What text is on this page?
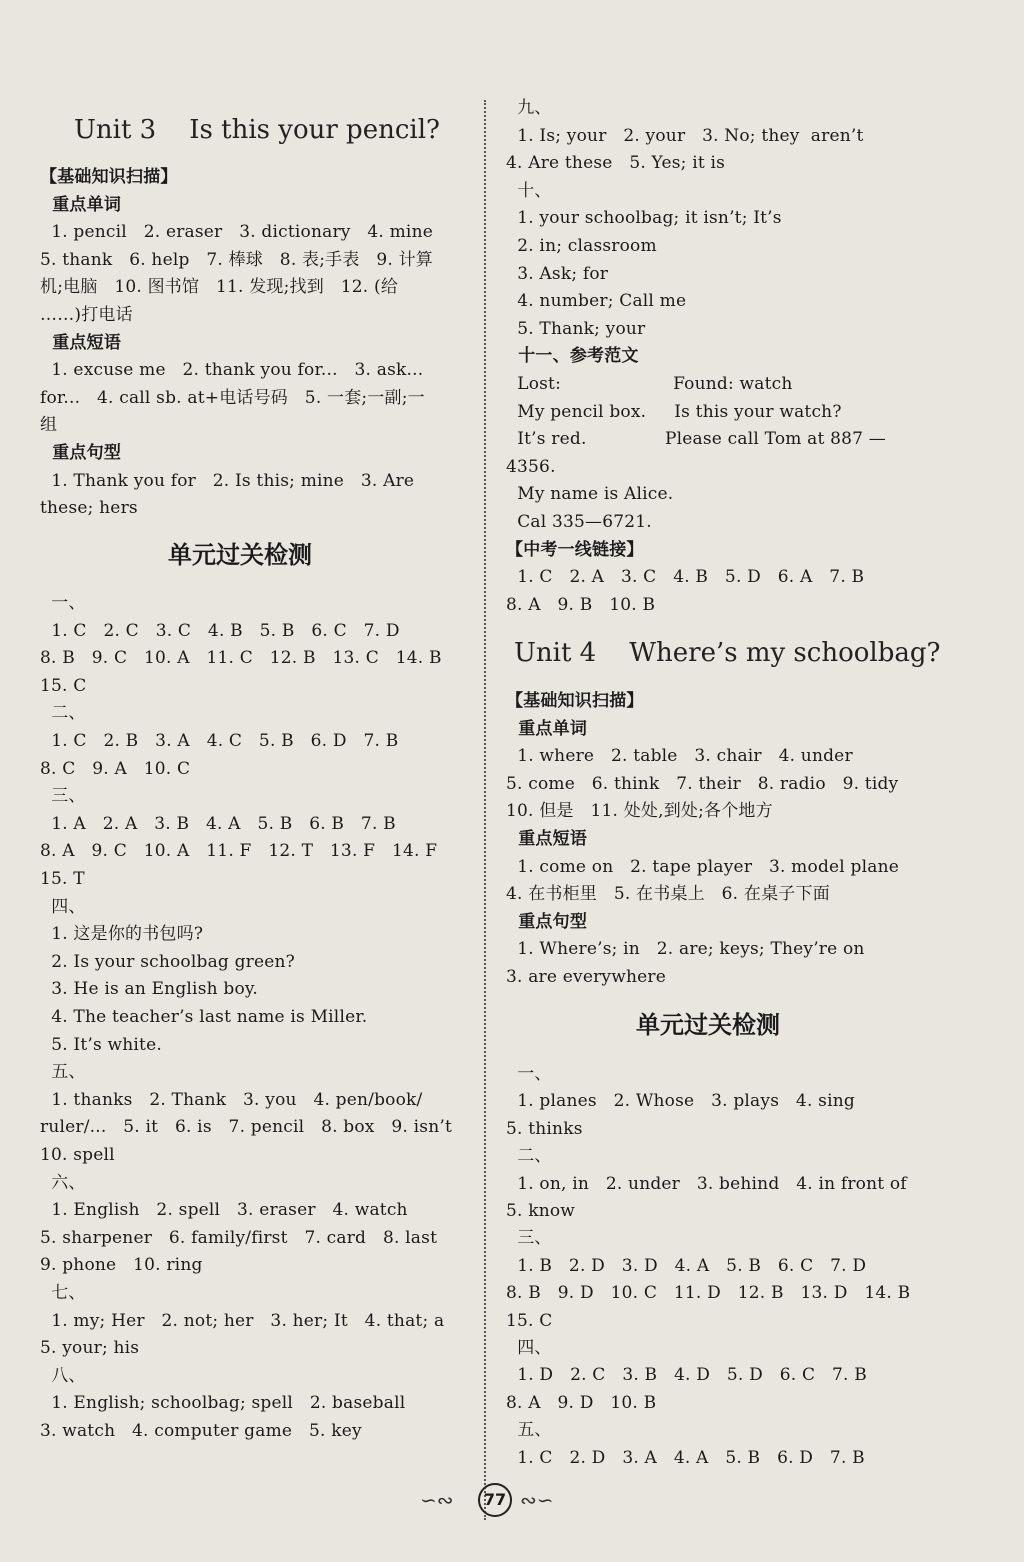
Unit 3    Is this your pencil?
单元过关检测
【基础知识扫描】
重点单词
1. pencil   2. eraser   3. dictionary   4. mine
5. thank   6. help   7. 棒球   8. 表;手表   9. 计算
机;电脑   10. 图书馆   11. 发现;找到   12. (给
……)打电话
重点短语
1. excuse me   2. thank you for...   3. ask...
for...   4. call sb. at+电话号码   5. 一套;一副;一
组
重点句型
1. Thank you for   2. Is this; mine   3. Are
these; hers
一、
1. C   2. C   3. C   4. B   5. B   6. C   7. D
8. B   9. C   10. A   11. C   12. B   13. C   14. B
15. C
二、
1. C   2. B   3. A   4. C   5. B   6. D   7. B
8. C   9. A   10. C
三、
1. A   2. A   3. B   4. A   5. B   6. B   7. B
8. A   9. C   10. A   11. F   12. T   13. F   14. F
15. T
四、
1. 这是你的书包吗?
2. Is your schoolbag green?
3. He is an English boy.
4. The teacher’s last name is Miller.
5. It’s white.
五、
1. thanks   2. Thank   3. you   4. pen/book/
ruler/...   5. it   6. is   7. pencil   8. box   9. isn’t
10. spell
六、
1. English   2. spell   3. eraser   4. watch
5. sharpener   6. family/first   7. card   8. last
9. phone   10. ring
七、
1. my; Her   2. not; her   3. her; It   4. that; a
5. your; his
八、
1. English; schoolbag; spell   2. baseball
3. watch   4. computer game   5. key
Unit 4    Where’s my schoolbag?
单元过关检测
九、
1. Is; your   2. your   3. No; they  aren’t
4. Are these   5. Yes; it is
十、
1. your schoolbag; it isn’t; It’s
2. in; classroom
3. Ask; for
4. number; Call me
5. Thank; your
十一、参考范文
Lost:                    Found: watch
My pencil box.     Is this your watch?
It’s red.              Please call Tom at 887 —
4356.
My name is Alice.
Cal 335—6721.
【中考一线链接】
1. C   2. A   3. C   4. B   5. D   6. A   7. B
8. A   9. B   10. B
【基础知识扫描】
重点单词
1. where   2. table   3. chair   4. under
5. come   6. think   7. their   8. radio   9. tidy
10. 但是   11. 处处,到处;各个地方
重点短语
1. come on   2. tape player   3. model plane
4. 在书柜里   5. 在书桌上   6. 在桌子下面
重点句型
1. Where’s; in   2. are; keys; They’re on
3. are everywhere
一、
1. planes   2. Whose   3. plays   4. sing
5. thinks
二、
1. on, in   2. under   3. behind   4. in front of
5. know
三、
1. B   2. D   3. D   4. A   5. B   6. C   7. D
8. B   9. D   10. C   11. D   12. B   13. D   14. B
15. C
四、
1. D   2. C   3. B   4. D   5. D   6. C   7. B
8. A   9. D   10. B
五、
1. C   2. D   3. A   4. A   5. B   6. D   7. B
∽∾	77 ∾∽
